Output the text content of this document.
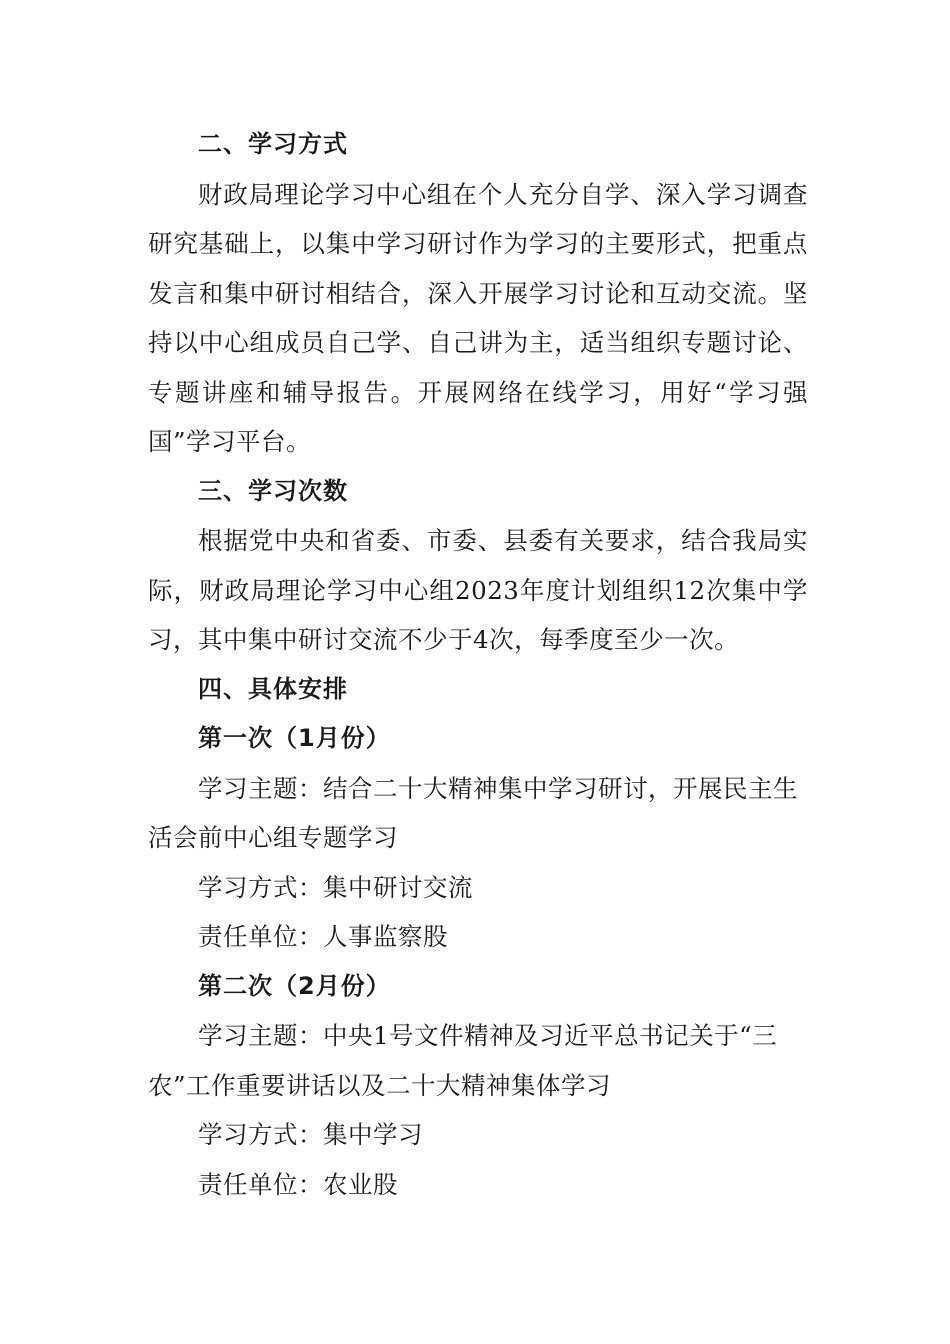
二、学习方式

财政局理论学习中心组在个人充分自学、深入学习调查研究基础上，以集中学习研讨作为学习的主要形式，把重点发言和集中研讨相结合，深入开展学习讨论和互动交流。坚持以中心组成员自己学、自己讲为主，适当组织专题讨论、专题讲座和辅导报告。开展网络在线学习，用好“学习强国”学习平台。

三、学习次数

根据党中央和省委、市委、县委有关要求，结合我局实际，财政局理论学习中心组2023年度计划组织12次集中学习，其中集中研讨交流不少于4次，每季度至少一次。

四、具体安排

第一次（1月份）

学习主题：结合二十大精神集中学习研讨，开展民主生活会前中心组专题学习

学习方式：集中研讨交流

责任单位：人事监察股

第二次（2月份）

学习主题：中央1号文件精神及习近平总书记关于“三农”工作重要讲话以及二十大精神集体学习

学习方式：集中学习

责任单位：农业股
